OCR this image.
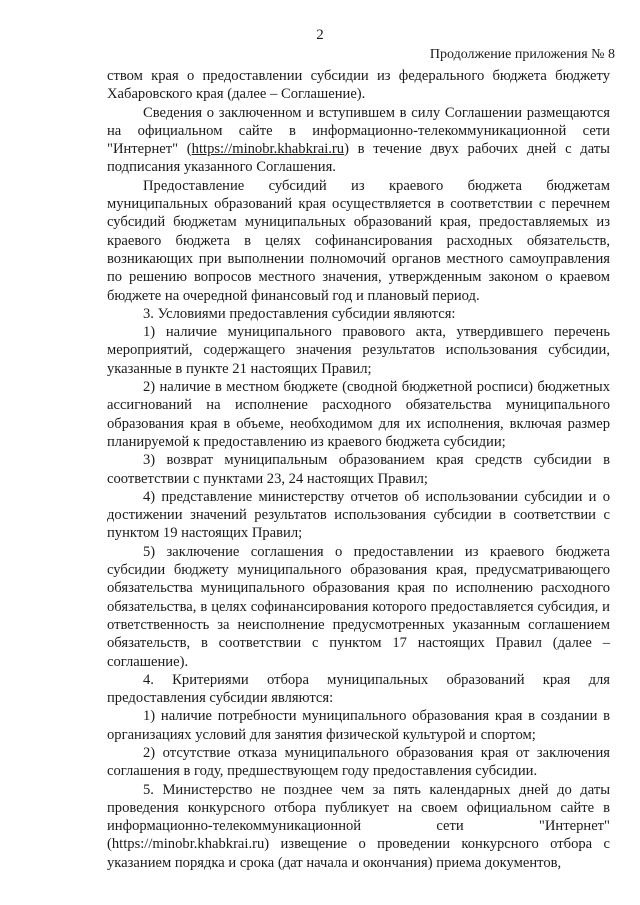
2
Продолжение приложения № 8

ством края о предоставлении субсидии из федерального бюджета бюджету Хабаровского края (далее – Соглашение).

Сведения о заключенном и вступившем в силу Соглашении размещаются на официальном сайте в информационно-телекоммуникационной сети "Интернет" (https://minobr.khabkrai.ru) в течение двух рабочих дней с даты подписания указанного Соглашения.

Предоставление субсидий из краевого бюджета бюджетам муниципальных образований края осуществляется в соответствии с перечнем субсидий бюджетам муниципальных образований края, предоставляемых из краевого бюджета в целях софинансирования расходных обязательств, возникающих при выполнении полномочий органов местного самоуправления по решению вопросов местного значения, утвержденным законом о краевом бюджете на очередной финансовый год и плановый период.

3. Условиями предоставления субсидии являются:

1) наличие муниципального правового акта, утвердившего перечень мероприятий, содержащего значения результатов использования субсидии, указанные в пункте 21 настоящих Правил;

2) наличие в местном бюджете (сводной бюджетной росписи) бюджетных ассигнований на исполнение расходного обязательства муниципального образования края в объеме, необходимом для их исполнения, включая размер планируемой к предоставлению из краевого бюджета субсидии;

3) возврат муниципальным образованием края средств субсидии в соответствии с пунктами 23, 24 настоящих Правил;

4) представление министерству отчетов об использовании субсидии и о достижении значений результатов использования субсидии в соответствии с пунктом 19 настоящих Правил;

5) заключение соглашения о предоставлении из краевого бюджета субсидии бюджету муниципального образования края, предусматривающего обязательства муниципального образования края по исполнению расходного обязательства, в целях софинансирования которого предоставляется субсидия, и ответственность за неисполнение предусмотренных указанным соглашением обязательств, в соответствии с пунктом 17 настоящих Правил (далее – соглашение).

4. Критериями отбора муниципальных образований края для предоставления субсидии являются:

1) наличие потребности муниципального образования края в создании в организациях условий для занятия физической культурой и спортом;

2) отсутствие отказа муниципального образования края от заключения соглашения в году, предшествующем году предоставления субсидии.

5. Министерство не позднее чем за пять календарных дней до даты проведения конкурсного отбора публикует на своем официальном сайте в информационно-телекоммуникационной сети "Интернет" (https://minobr.khabkrai.ru) извещение о проведении конкурсного отбора с указанием порядка и срока (дат начала и окончания) приема документов,
